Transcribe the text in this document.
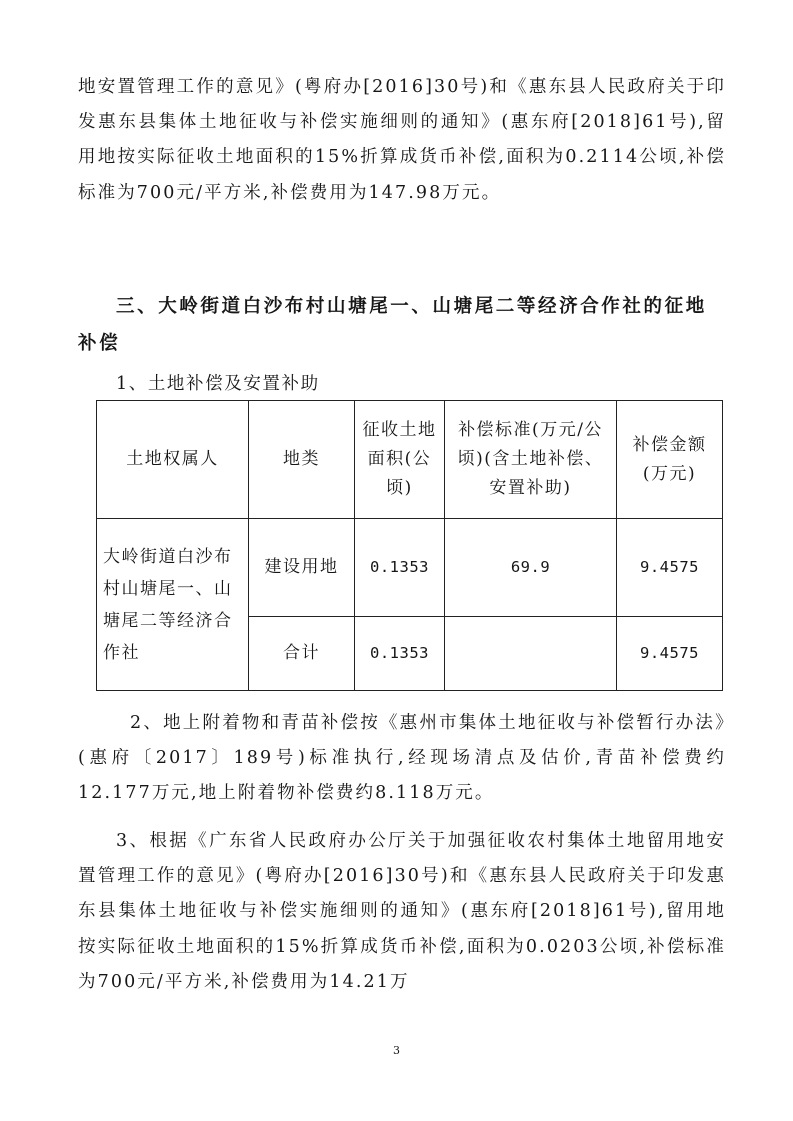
地安置管理工作的意见》(粤府办[2016]30号)和《惠东县人民政府关于印发惠东县集体土地征收与补偿实施细则的通知》(惠东府[2018]61号),留用地按实际征收土地面积的15%折算成货币补偿,面积为0.2114公顷,补偿标准为700元/平方米,补偿费用为147.98万元。

三、大岭街道白沙布村山塘尾一、山塘尾二等经济合作社的征地补偿

1、土地补偿及安置补助

土地权属人	地类	征收土地面积(公顷)	补偿标准(万元/公顷)(含土地补偿、安置补助)	补偿金额(万元)
大岭街道白沙布村山塘尾一、山塘尾二等经济合作社	建设用地	0.1353	69.9	9.4575
	合计	0.1353		9.4575

2、地上附着物和青苗补偿按《惠州市集体土地征收与补偿暂行办法》(惠府〔2017〕189号)标准执行,经现场清点及估价,青苗补偿费约12.177万元,地上附着物补偿费约8.118万元。

3、根据《广东省人民政府办公厅关于加强征收农村集体土地留用地安置管理工作的意见》(粤府办[2016]30号)和《惠东县人民政府关于印发惠东县集体土地征收与补偿实施细则的通知》(惠东府[2018]61号),留用地按实际征收土地面积的15%折算成货币补偿,面积为0.0203公顷,补偿标准为700元/平方米,补偿费用为14.21万

3
